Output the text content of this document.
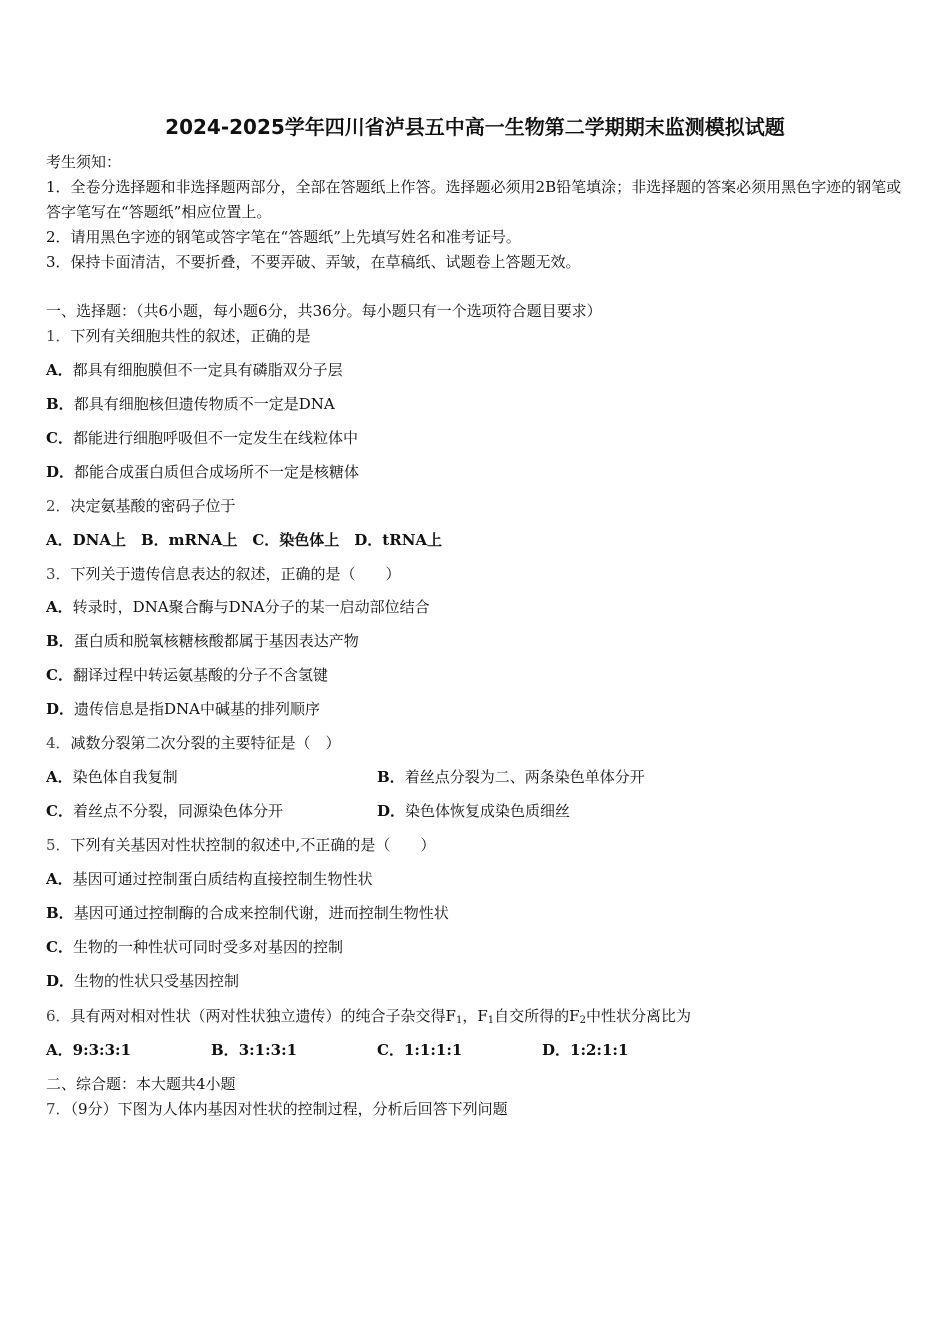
2024-2025学年四川省泸县五中高一生物第二学期期末监测模拟试题
考生须知：
1．全卷分选择题和非选择题两部分，全部在答题纸上作答。选择题必须用2B铅笔填涂；非选择题的答案必须用黑色字迹的钢笔或答字笔写在“答题纸”相应位置上。
2．请用黑色字迹的钢笔或答字笔在“答题纸”上先填写姓名和准考证号。
3．保持卡面清洁，不要折叠，不要弄破、弄皱，在草稿纸、试题卷上答题无效。
一、选择题：（共6小题，每小题6分，共36分。每小题只有一个选项符合题目要求）
1．下列有关细胞共性的叙述，正确的是
A．都具有细胞膜但不一定具有磷脂双分子层
B．都具有细胞核但遗传物质不一定是DNA
C．都能进行细胞呼吸但不一定发生在线粒体中
D．都能合成蛋白质但合成场所不一定是核糖体
2．决定氨基酸的密码子位于
A．DNA上　B．mRNA上　C．染色体上　D．tRNA上
3．下列关于遗传信息表达的叙述，正确的是（　　）
A．转录时，DNA聚合酶与DNA分子的某一启动部位结合
B．蛋白质和脱氧核糖核酸都属于基因表达产物
C．翻译过程中转运氨基酸的分子不含氢键
D．遗传信息是指DNA中碱基的排列顺序
4．减数分裂第二次分裂的主要特征是（　）
A．染色体自我复制	B．着丝点分裂为二、两条染色单体分开
C．着丝点不分裂，同源染色体分开	D．染色体恢复成染色质细丝
5．下列有关基因对性状控制的叙述中,不正确的是（　　）
A．基因可通过控制蛋白质结构直接控制生物性状
B．基因可通过控制酶的合成来控制代谢，进而控制生物性状
C．生物的一种性状可同时受多对基因的控制
D．生物的性状只受基因控制
6．具有两对相对性状（两对性状独立遗传）的纯合子杂交得$F_1$，$F_1$自交所得的$F_2$中性状分离比为
A．9:3:3:1	B．3:1:3:1	C．1:1:1:1	D．1:2:1:1
二、综合题：本大题共4小题
7．（9分）下图为人体内基因对性状的控制过程，分析后回答下列问题
